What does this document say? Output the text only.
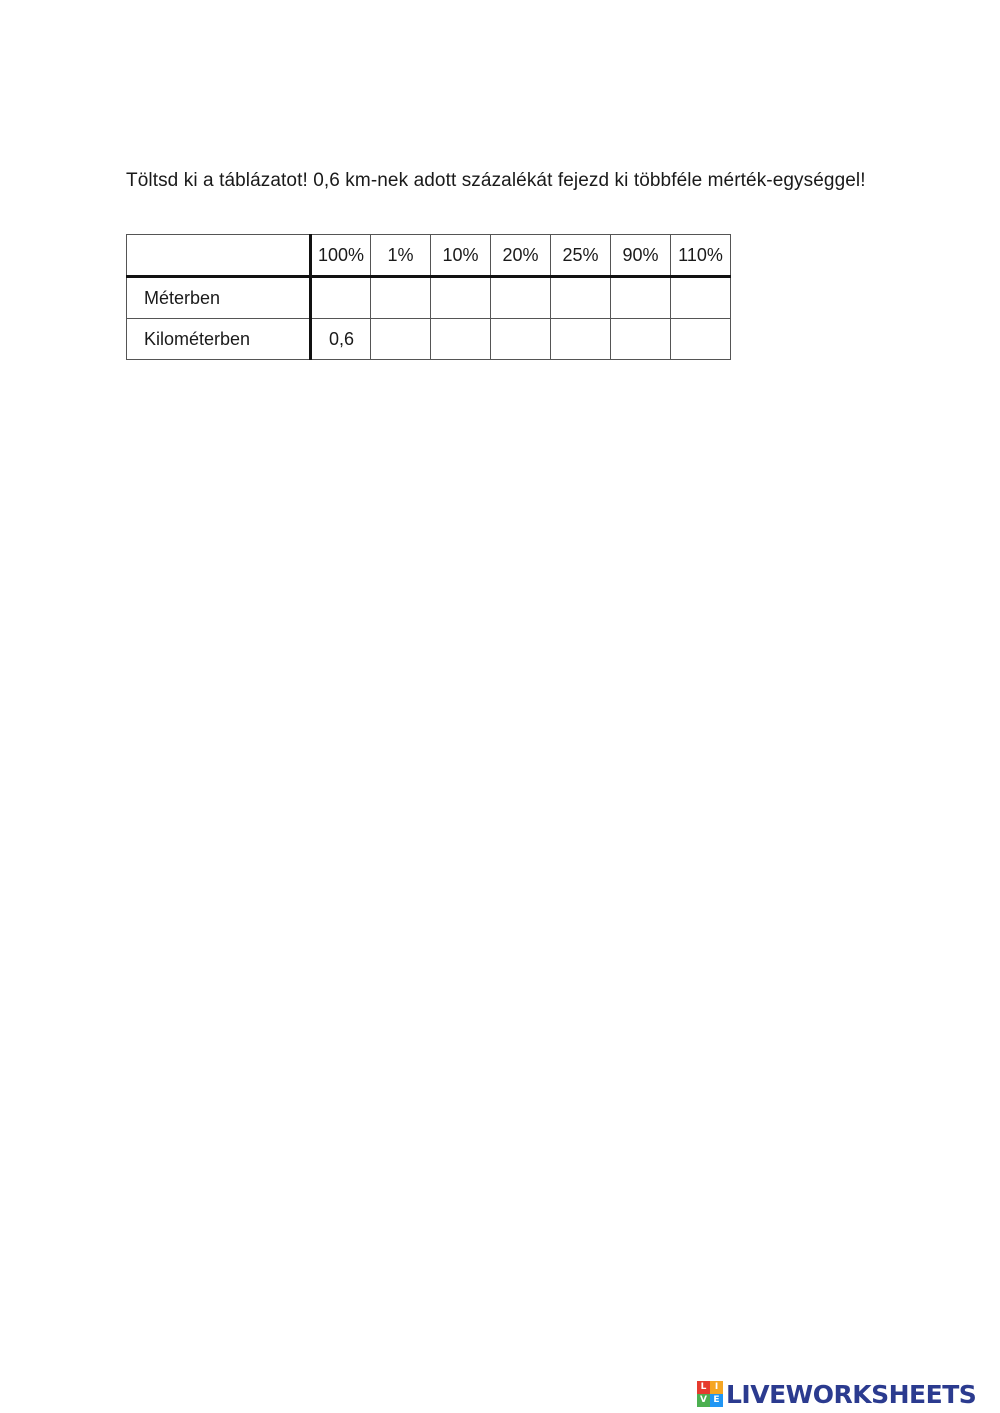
Töltsd ki a táblázatot! 0,6 km-nek adott százalékát fejezd ki többféle mérték-egységgel!
	100%	1%	10%	20%	25%	90%	110%
Méterben							
Kilométerben	0,6						
L I
V E LIVEWORKSHEETS
